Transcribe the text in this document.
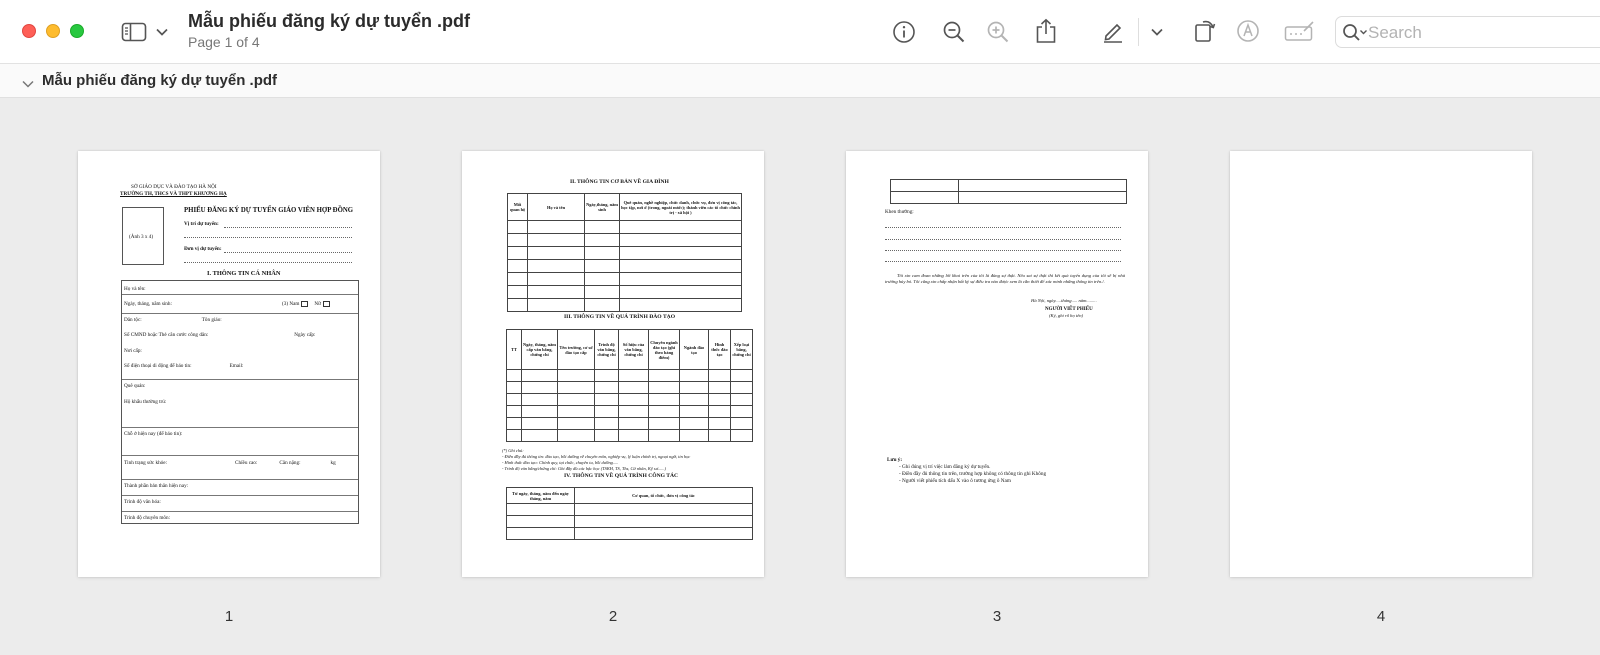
Mẫu phiếu đăng ký dự tuyển .pdf
Page 1 of 4
Search
Mẫu phiếu đăng ký dự tuyển .pdf
SỞ GIÁO DỤC VÀ ĐÀO TẠO HÀ NỘI
TRƯỜNG TH, THCS VÀ THPT KHƯƠNG HẠ
(Ảnh 3 x 4)
PHIẾU ĐĂNG KÝ DỰ TUYỂN GIÁO VIÊN HỢP ĐỒNG
Vị trí dự tuyển:
Đơn vị dự tuyển:
I. THÔNG TIN CÁ NHÂN
Họ và tên:
Ngày, tháng, năm sinh:	(3) Nam	Nữ
Dân tộc:	Tôn giáo:
Số CMND hoặc Thẻ căn cước công dân:	Ngày cấp:
Nơi cấp:
Số điện thoại di động để báo tin:	Email:
Quê quán:
Hộ khẩu thường trú:
Chỗ ở hiện nay (để báo tin):
Tình trạng sức khỏe:	Chiều cao:	Cân nặng:	kg
Thành phần bản thân hiện nay:
Trình độ văn hóa:
Trình độ chuyên môn:
1
II. THÔNG TIN CƠ BẢN VỀ GIA ĐÌNH
Mối quan hệ	Họ và tên	Ngày,tháng, năm sinh	Quê quán, nghề nghiệp, chức danh, chức vụ, đơn vị công tác, học tập, nơi ở (trong, ngoài nước); thành viên các tổ chức chính trị - xã hội )

III. THÔNG TIN VỀ QUÁ TRÌNH ĐÀO TẠO
TT	Ngày, tháng, năm cấp văn bằng, chứng chỉ	Tên trường, cơ sở đào tạo cấp	Trình độ văn bằng, chứng chỉ	Số hiệu của văn bằng, chứng chỉ	Chuyên ngành đào tạo (ghi theo bảng điểm)	Ngành đào tạo	Hình thức đào tạo	Xếp loại bằng, chứng chỉ

(*) Ghi chú:
- Điền đầy đủ thông tin: đào tạo, bồi dưỡng về chuyên môn, nghiệp vụ, lý luận chính trị, ngoại ngữ, tin học
- Hình thức đào tạo: Chính quy, tại chức, chuyên tu, bồi dưỡng.....
- Trình độ văn bằng/chứng chỉ: Ghi đầy đủ các bậc học (TSKH, TS, Ths, Cử nhân, Kỹ sư......)
IV. THÔNG TIN VỀ QUÁ TRÌNH CÔNG TÁC
Từ ngày, tháng, năm đến ngày tháng, năm	Cơ quan, tổ chức, đơn vị công tác

2

Khen thưởng:
Tôi xin cam đoan những lời khai trên của tôi là đúng sự thật. Nếu sai sự thật thì kết quả tuyển dụng của tôi sẽ bị nhà trường hủy bỏ. Tôi cũng xin chấp nhận bất kỳ sự điều tra nào được xem là cần thiết để xác minh những thông tin trên./.
Hà Nội, ngày.....tháng..... năm.........
NGƯỜI VIẾT PHIẾU
(Ký, ghi rõ họ tên)
Lưu ý:
- Ghi đúng vị trí việc làm đăng ký dự tuyển.
- Điền đầy đủ thông tin trên, trường hợp không có thông tin ghi Không
- Người viết phiếu tích dấu X vào ô tương ứng ô Nam
3	4
